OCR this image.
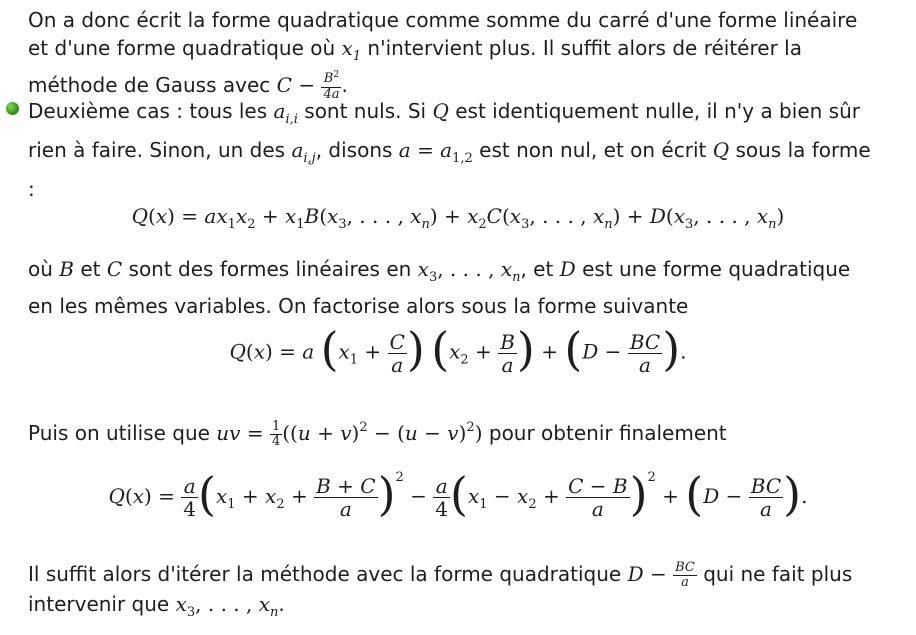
On a donc écrit la forme quadratique comme somme du carré d'une forme linéaire et d'une forme quadratique où $x_1$ n'intervient plus. Il suffit alors de réitérer la méthode de Gauss avec $C - \frac{B^2}{4a}$ .
Deuxième cas : tous les $a_{i,i}$ sont nuls. Si Q est identiquement nulle, il n'y a bien sûr rien à faire. Sinon, un des $a_{i,j}$, disons $a = a_{1,2}$ est non nul, et on écrit Q sous la forme :
$Q(x) = ax_1x_2 + x_1B(x_3$, . . . , $x_n) + x_2C(x_3$, . . . , $x_n) + D(x_3$, . . . , $x_n$)
où B et C sont des formes linéaires en $x_3$, . . . , $x_n$, et D est une forme quadratique en les mêmes variables. On factorise alors sous la forme suivante
Q(x) = a ($x_1 + \frac{C}{a}$ ) ($x_2 + \frac{B}{a}$ ) + ($D - \frac{BC}{a}$ ).
Puis on utilise que uv = $\frac{1}{4} ((u + v)^2 - (u - v)^2)$ pour obtenir finalement
$Q(x) = \frac{a}{4} (x_1 + x_2 + \frac{B + C}{a} )^2 - \frac{a}{4} (x_1 - x_2 + \frac{C - B}{a} )^2 + (D - \frac{BC}{a}$ ).
Il suffit alors d'itérer la méthode avec la forme quadratique $D - \frac{BC}{a}$ qui ne fait plus intervenir que $x_3$, . . . , $x_n$.
